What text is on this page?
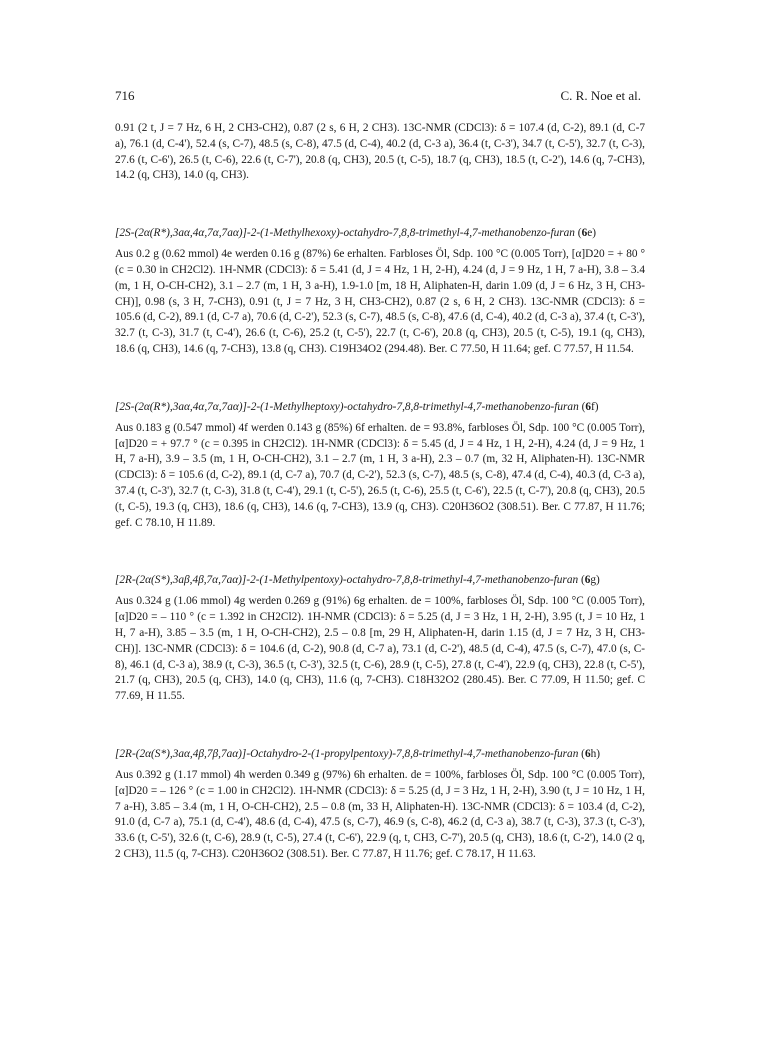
716	C. R. Noe et al.

0.91 (2 t, J = 7 Hz, 6 H, 2 CH3-CH2), 0.87 (2 s, 6 H, 2 CH3). 13C-NMR (CDCl3): δ = 107.4 (d, C-2), 89.1 (d, C-7 a), 76.1 (d, C-4'), 52.4 (s, C-7), 48.5 (s, C-8), 47.5 (d, C-4), 40.2 (d, C-3 a), 36.4 (t, C-3'), 34.7 (t, C-5'), 32.7 (t, C-3), 27.6 (t, C-6'), 26.5 (t, C-6), 22.6 (t, C-7'), 20.8 (q, CH3), 20.5 (t, C-5), 18.7 (q, CH3), 18.5 (t, C-2'), 14.6 (q, 7-CH3), 14.2 (q, CH3), 14.0 (q, CH3).

[2S-(2α(R*),3aα,4α,7α,7aα)]-2-(1-Methylhexoxy)-octahydro-7,8,8-trimethyl-4,7-methanobenzo-furan (6e)

Aus 0.2 g (0.62 mmol) 4e werden 0.16 g (87%) 6e erhalten. Farbloses Öl, Sdp. 100 °C (0.005 Torr), [α]D20 = + 80 ° (c = 0.30 in CH2Cl2). 1H-NMR (CDCl3): δ = 5.41 (d, J = 4 Hz, 1 H, 2-H), 4.24 (d, J = 9 Hz, 1 H, 7 a-H), 3.8 – 3.4 (m, 1 H, O-CH-CH2), 3.1 – 2.7 (m, 1 H, 3 a-H), 1.9-1.0 [m, 18 H, Aliphaten-H, darin 1.09 (d, J = 6 Hz, 3 H, CH3-CH)], 0.98 (s, 3 H, 7-CH3), 0.91 (t, J = 7 Hz, 3 H, CH3-CH2), 0.87 (2 s, 6 H, 2 CH3). 13C-NMR (CDCl3): δ = 105.6 (d, C-2), 89.1 (d, C-7 a), 70.6 (d, C-2'), 52.3 (s, C-7), 48.5 (s, C-8), 47.6 (d, C-4), 40.2 (d, C-3 a), 37.4 (t, C-3'), 32.7 (t, C-3), 31.7 (t, C-4'), 26.6 (t, C-6), 25.2 (t, C-5'), 22.7 (t, C-6'), 20.8 (q, CH3), 20.5 (t, C-5), 19.1 (q, CH3), 18.6 (q, CH3), 14.6 (q, 7-CH3), 13.8 (q, CH3). C19H34O2 (294.48). Ber. C 77.50, H 11.64; gef. C 77.57, H 11.54.

[2S-(2α(R*),3aα,4α,7α,7aα)]-2-(1-Methylheptoxy)-octahydro-7,8,8-trimethyl-4,7-methanobenzo-furan (6f)

Aus 0.183 g (0.547 mmol) 4f werden 0.143 g (85%) 6f erhalten. de = 93.8%, farbloses Öl, Sdp. 100 °C (0.005 Torr), [α]D20 = + 97.7 ° (c = 0.395 in CH2Cl2). 1H-NMR (CDCl3): δ = 5.45 (d, J = 4 Hz, 1 H, 2-H), 4.24 (d, J = 9 Hz, 1 H, 7 a-H), 3.9 – 3.5 (m, 1 H, O-CH-CH2), 3.1 – 2.7 (m, 1 H, 3 a-H), 2.3 – 0.7 (m, 32 H, Aliphaten-H). 13C-NMR (CDCl3): δ = 105.6 (d, C-2), 89.1 (d, C-7 a), 70.7 (d, C-2'), 52.3 (s, C-7), 48.5 (s, C-8), 47.4 (d, C-4), 40.3 (d, C-3 a), 37.4 (t, C-3'), 32.7 (t, C-3), 31.8 (t, C-4'), 29.1 (t, C-5'), 26.5 (t, C-6), 25.5 (t, C-6'), 22.5 (t, C-7'), 20.8 (q, CH3), 20.5 (t, C-5), 19.3 (q, CH3), 18.6 (q, CH3), 14.6 (q, 7-CH3), 13.9 (q, CH3). C20H36O2 (308.51). Ber. C 77.87, H 11.76; gef. C 78.10, H 11.89.

[2R-(2α(S*),3aβ,4β,7α,7aα)]-2-(1-Methylpentoxy)-octahydro-7,8,8-trimethyl-4,7-methanobenzo-furan (6g)

Aus 0.324 g (1.06 mmol) 4g werden 0.269 g (91%) 6g erhalten. de = 100%, farbloses Öl, Sdp. 100 °C (0.005 Torr), [α]D20 = – 110 ° (c = 1.392 in CH2Cl2). 1H-NMR (CDCl3): δ = 5.25 (d, J = 3 Hz, 1 H, 2-H), 3.95 (t, J = 10 Hz, 1 H, 7 a-H), 3.85 – 3.5 (m, 1 H, O-CH-CH2), 2.5 – 0.8 [m, 29 H, Aliphaten-H, darin 1.15 (d, J = 7 Hz, 3 H, CH3-CH)]. 13C-NMR (CDCl3): δ = 104.6 (d, C-2), 90.8 (d, C-7 a), 73.1 (d, C-2'), 48.5 (d, C-4), 47.5 (s, C-7), 47.0 (s, C-8), 46.1 (d, C-3 a), 38.9 (t, C-3), 36.5 (t, C-3'), 32.5 (t, C-6), 28.9 (t, C-5), 27.8 (t, C-4'), 22.9 (q, CH3), 22.8 (t, C-5'), 21.7 (q, CH3), 20.5 (q, CH3), 14.0 (q, CH3), 11.6 (q, 7-CH3). C18H32O2 (280.45). Ber. C 77.09, H 11.50; gef. C 77.69, H 11.55.

[2R-(2α(S*),3aα,4β,7β,7aα)]-Octahydro-2-(1-propylpentoxy)-7,8,8-trimethyl-4,7-methanobenzo-furan (6h)

Aus 0.392 g (1.17 mmol) 4h werden 0.349 g (97%) 6h erhalten. de = 100%, farbloses Öl, Sdp. 100 °C (0.005 Torr), [α]D20 = – 126 ° (c = 1.00 in CH2Cl2). 1H-NMR (CDCl3): δ = 5.25 (d, J = 3 Hz, 1 H, 2-H), 3.90 (t, J = 10 Hz, 1 H, 7 a-H), 3.85 – 3.4 (m, 1 H, O-CH-CH2), 2.5 – 0.8 (m, 33 H, Aliphaten-H). 13C-NMR (CDCl3): δ = 103.4 (d, C-2), 91.0 (d, C-7 a), 75.1 (d, C-4'), 48.6 (d, C-4), 47.5 (s, C-7), 46.9 (s, C-8), 46.2 (d, C-3 a), 38.7 (t, C-3), 37.3 (t, C-3'), 33.6 (t, C-5'), 32.6 (t, C-6), 28.9 (t, C-5), 27.4 (t, C-6'), 22.9 (q, t, CH3, C-7'), 20.5 (q, CH3), 18.6 (t, C-2'), 14.0 (2 q, 2 CH3), 11.5 (q, 7-CH3). C20H36O2 (308.51). Ber. C 77.87, H 11.76; gef. C 78.17, H 11.63.
